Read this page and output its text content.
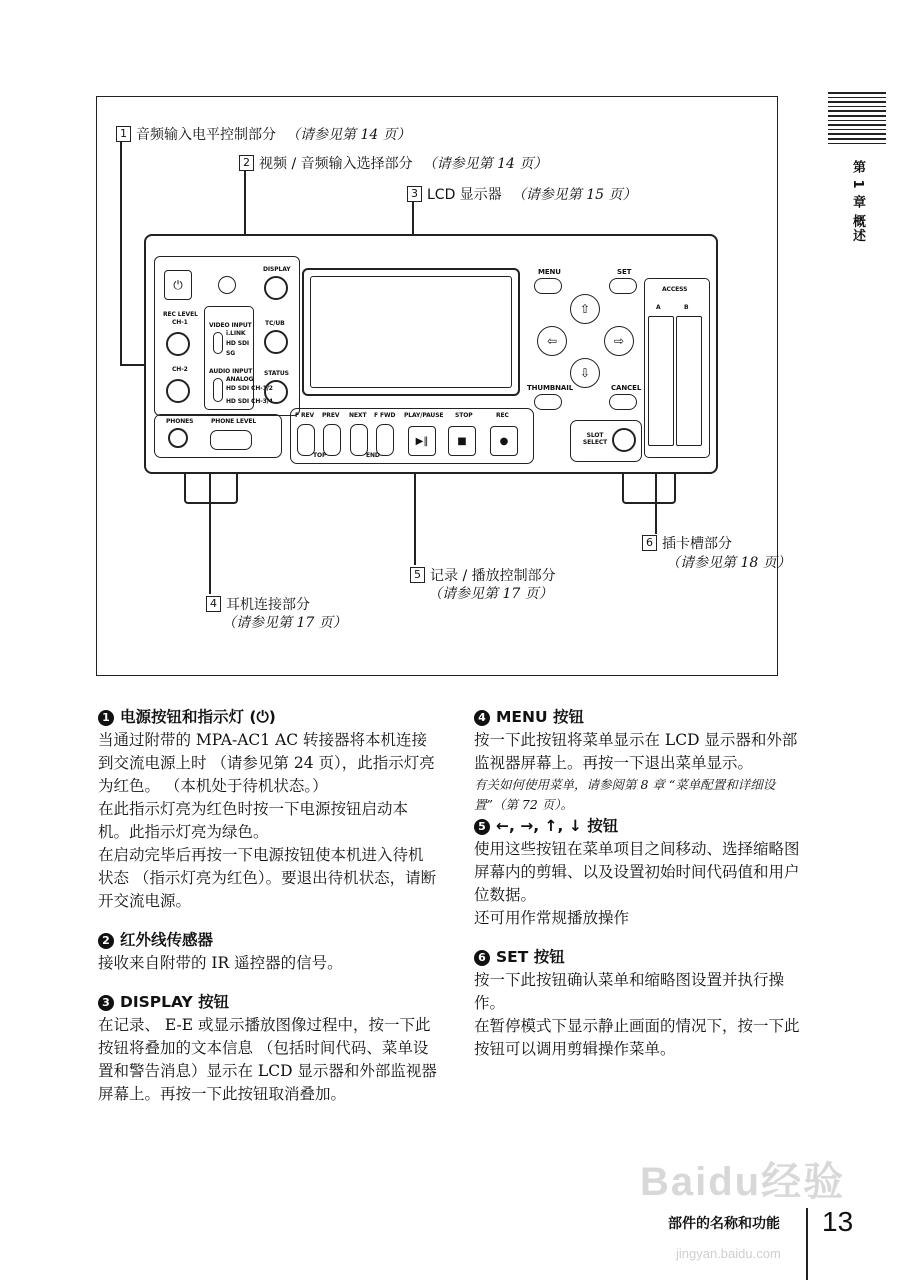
第 1 章 概述
1 音频输入电平控制部分 （请参见第 14 页）
2 视频 / 音频输入选择部分 （请参见第 14 页）
3 LCD 显示器 （请参见第 15 页）
4 耳机连接部分
（请参见第 17 页）
5 记录 / 播放控制部分
（请参见第 17 页）
6 插卡槽部分
（请参见第 18 页）
⏻
REC LEVEL
CH-1
CH-2
VIDEO INPUT
i.LINK
HD SDI
SG
AUDIO INPUT
ANALOG
HD SDI CH-1/2
HD SDI CH-3/4
DISPLAY
TC/UB
STATUS
PHONES	PHONE LEVEL
F REV PREV NEXT F FWD
TOP	END
PLAY/PAUSE STOP	REC
▶‖	■	●
MENU	SET
⇧
⇦	⇨
⇩
THUMBNAIL	CANCEL
SLOT SELECT
ACCESS
A	B
1 电源按钮和指示灯 (⏻)

当通过附带的 MPA-AC1 AC 转接器将本机连接到交流电源上时 （请参见第 24 页），此指示灯亮为红色。 （本机处于待机状态。）

在此指示灯亮为红色时按一下电源按钮启动本机。此指示灯亮为绿色。

在启动完毕后再按一下电源按钮使本机进入待机状态 （指示灯亮为红色）。要退出待机状态，请断开交流电源。

2 红外线传感器

接收来自附带的 IR 遥控器的信号。

3 DISPLAY 按钮

在记录、 E-E 或显示播放图像过程中，按一下此按钮将叠加的文本信息 （包括时间代码、菜单设置和警告消息）显示在 LCD 显示器和外部监视器屏幕上。再按一下此按钮取消叠加。

4 MENU 按钮

按一下此按钮将菜单显示在 LCD 显示器和外部监视器屏幕上。再按一下退出菜单显示。

有关如何使用菜单，请参阅第 8 章 “菜单配置和详细设置”（第 72 页）。

5 ←, →, ↑, ↓ 按钮

使用这些按钮在菜单项目之间移动、选择缩略图屏幕内的剪辑、以及设置初始时间代码值和用户位数据。

还可用作常规播放操作

6 SET 按钮

按一下此按钮确认菜单和缩略图设置并执行操作。

在暂停模式下显示静止画面的情况下，按一下此按钮可以调用剪辑操作菜单。

Baidu经验
jingyan.baidu.com
部件的名称和功能 13
